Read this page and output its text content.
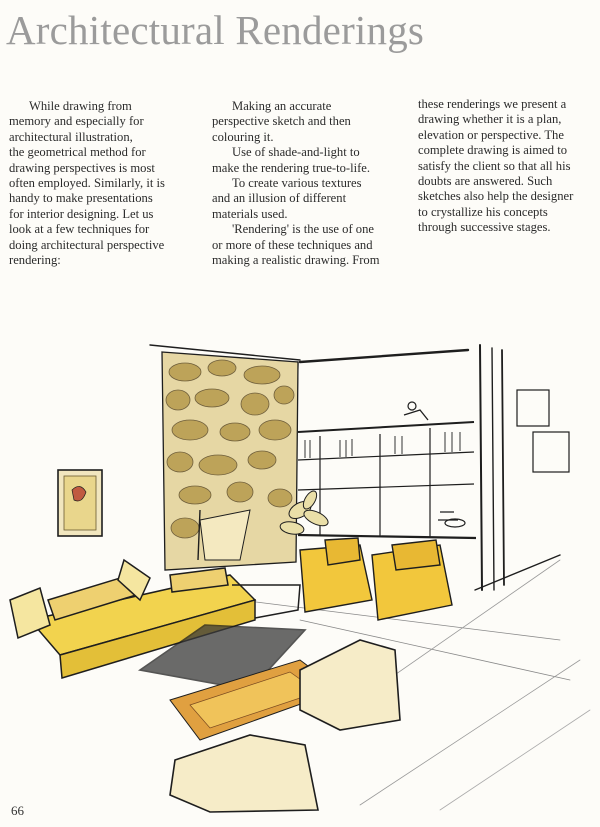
Architectural Renderings

While drawing from

memory and especially for

architectural illustration,

the geometrical method for

drawing perspectives is most

often employed. Similarly, it is

handy to make presentations

for interior designing. Let us

look at a few techniques for

doing architectural perspective

rendering:

Making an accurate

perspective sketch and then

colouring it.

Use of shade-and-light to

make the rendering true-to-life.

To create various textures

and an illusion of different

materials used.

'Rendering' is the use of one

or more of these techniques and

making a realistic drawing. From

these renderings we present a

drawing whether it is a plan,

elevation or perspective. The

complete drawing is aimed to

satisfy the client so that all his

doubts are answered. Such

sketches also help the designer

to crystallize his concepts

through successive stages.

66
